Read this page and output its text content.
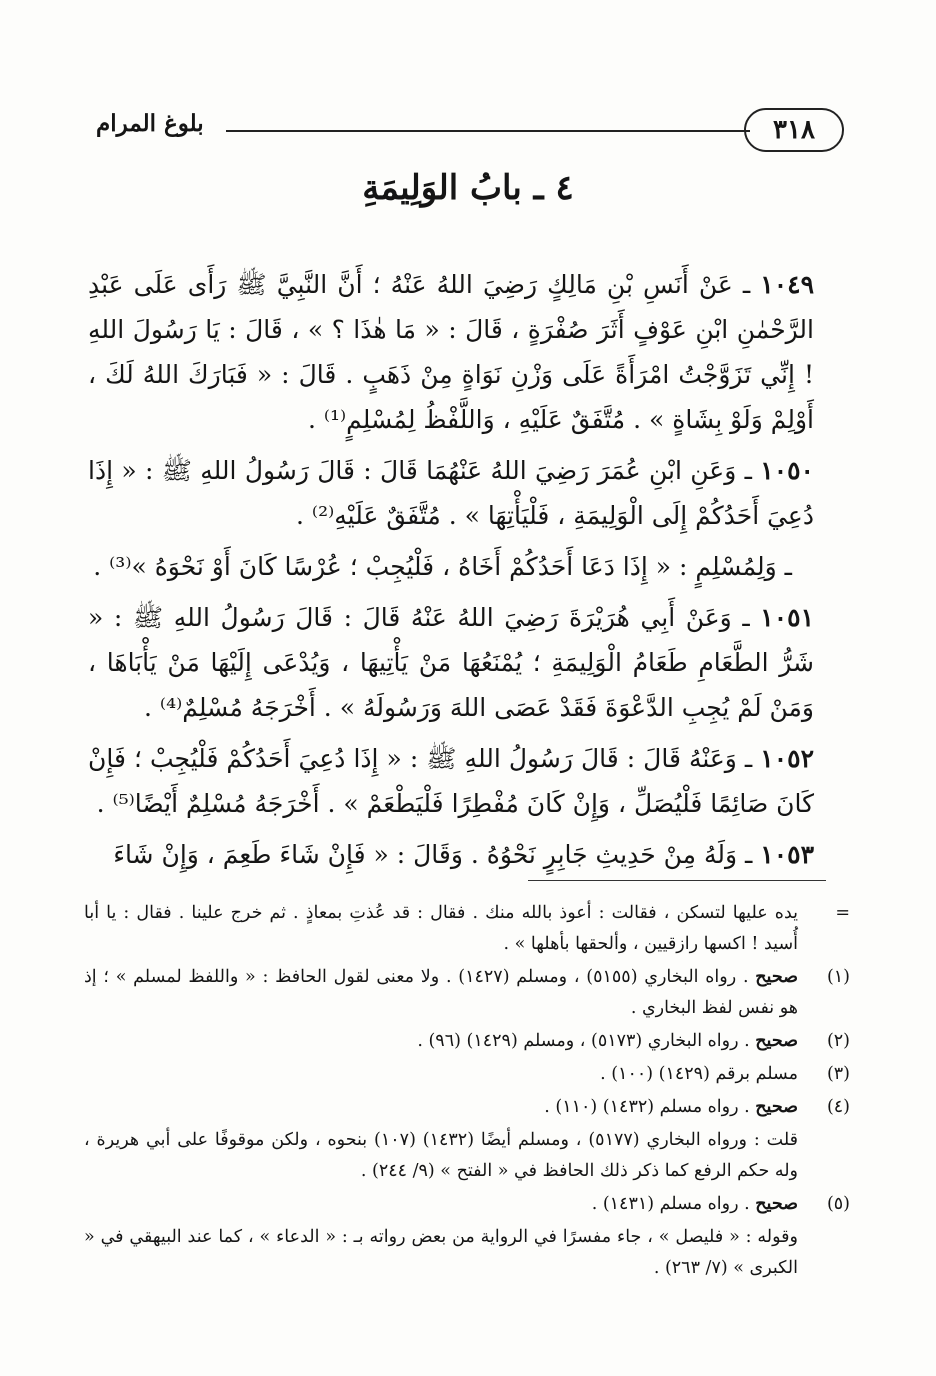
٣١٨
بلوغ المرام
٤ ـ بابُ الوَلِيمَةِ

١٠٤٩ ـ عَنْ أَنَسِ بْنِ مَالِكٍ رَضِيَ اللهُ عَنْهُ ؛ أَنَّ النَّبِيَّ ﷺ رَأَى عَلَى عَبْدِ الرَّحْمٰنِ ابْنِ عَوْفٍ أَثَرَ صُفْرَةٍ ، قَالَ : « مَا هٰذَا ؟ » ، قَالَ : يَا رَسُولَ اللهِ ! إِنِّي تَزَوَّجْتُ امْرَأَةً عَلَى وَزْنِ نَوَاةٍ مِنْ ذَهَبٍ . قَالَ : « فَبَارَكَ اللهُ لَكَ ، أَوْلِمْ وَلَوْ بِشَاةٍ » . مُتَّفَقٌ عَلَيْهِ ، وَاللَّفْظُ لِمُسْلِمٍ⁽¹⁾ .

١٠٥٠ ـ وَعَنِ ابْنِ عُمَرَ رَضِيَ اللهُ عَنْهُمَا قَالَ : قَالَ رَسُولُ اللهِ ﷺ : « إِذَا دُعِيَ أَحَدُكُمْ إِلَى الْوَلِيمَةِ ، فَلْيَأْتِهَا » . مُتَّفَقٌ عَلَيْهِ⁽²⁾ .

ـ وَلِمُسْلِمٍ : « إِذَا دَعَا أَحَدُكُمْ أَخَاهُ ، فَلْيُجِبْ ؛ عُرْسًا كَانَ أَوْ نَحْوَهُ »⁽³⁾ .

١٠٥١ ـ وَعَنْ أَبِي هُرَيْرَةَ رَضِيَ اللهُ عَنْهُ قَالَ : قَالَ رَسُولُ اللهِ ﷺ : « شَرُّ الطَّعَامِ طَعَامُ الْوَلِيمَةِ ؛ يُمْنَعُهَا مَنْ يَأْتِيهَا ، وَيُدْعَى إِلَيْهَا مَنْ يَأْبَاهَا ، وَمَنْ لَمْ يُجِبِ الدَّعْوَةَ فَقَدْ عَصَى اللهَ وَرَسُولَهُ » . أَخْرَجَهُ مُسْلِمٌ⁽⁴⁾ .

١٠٥٢ ـ وَعَنْهُ قَالَ : قَالَ رَسُولُ اللهِ ﷺ : « إِذَا دُعِيَ أَحَدُكُمْ فَلْيُجِبْ ؛ فَإِنْ كَانَ صَائِمًا فَلْيُصَلِّ ، وَإِنْ كَانَ مُفْطِرًا فَلْيَطْعَمْ » . أَخْرَجَهُ مُسْلِمٌ أَيْضًا⁽⁵⁾ .

١٠٥٣ ـ وَلَهُ مِنْ حَدِيثِ جَابِرٍ نَحْوُهُ . وَقَالَ : « فَإِنْ شَاءَ طَعِمَ ، وَإِنْ شَاءَ

=
يده عليها لتسكن ، فقالت : أعوذ بالله منك . فقال : قد عُذتِ بمعاذٍ . ثم خرج علينا . فقال : يا أبا أُسيد ! اكسها رازقيين ، وألحقها بأهلها » .
(١)
صحيح . رواه البخاري (٥١٥٥) ، ومسلم (١٤٢٧) . ولا معنى لقول الحافظ : « واللفظ لمسلم » ؛ إذ هو نفس لفظ البخاري .
(٢)
صحيح . رواه البخاري (٥١٧٣) ، ومسلم (١٤٢٩) (٩٦) .
(٣)
مسلم برقم (١٤٢٩) (١٠٠) .
(٤)
صحيح . رواه مسلم (١٤٣٢) (١١٠) .
قلت : ورواه البخاري (٥١٧٧) ، ومسلم أيضًا (١٤٣٢) (١٠٧) بنحوه ، ولكن موقوفًا على أبي هريرة ، وله حكم الرفع كما ذكر ذلك الحافظ في « الفتح » (٩/ ٢٤٤) .
(٥)
صحيح . رواه مسلم (١٤٣١) .
وقوله : « فليصل » ، جاء مفسرًا في الرواية من بعض رواته بـ : « الدعاء » ، كما عند البيهقي في « الكبرى » (٧/ ٢٦٣) .
